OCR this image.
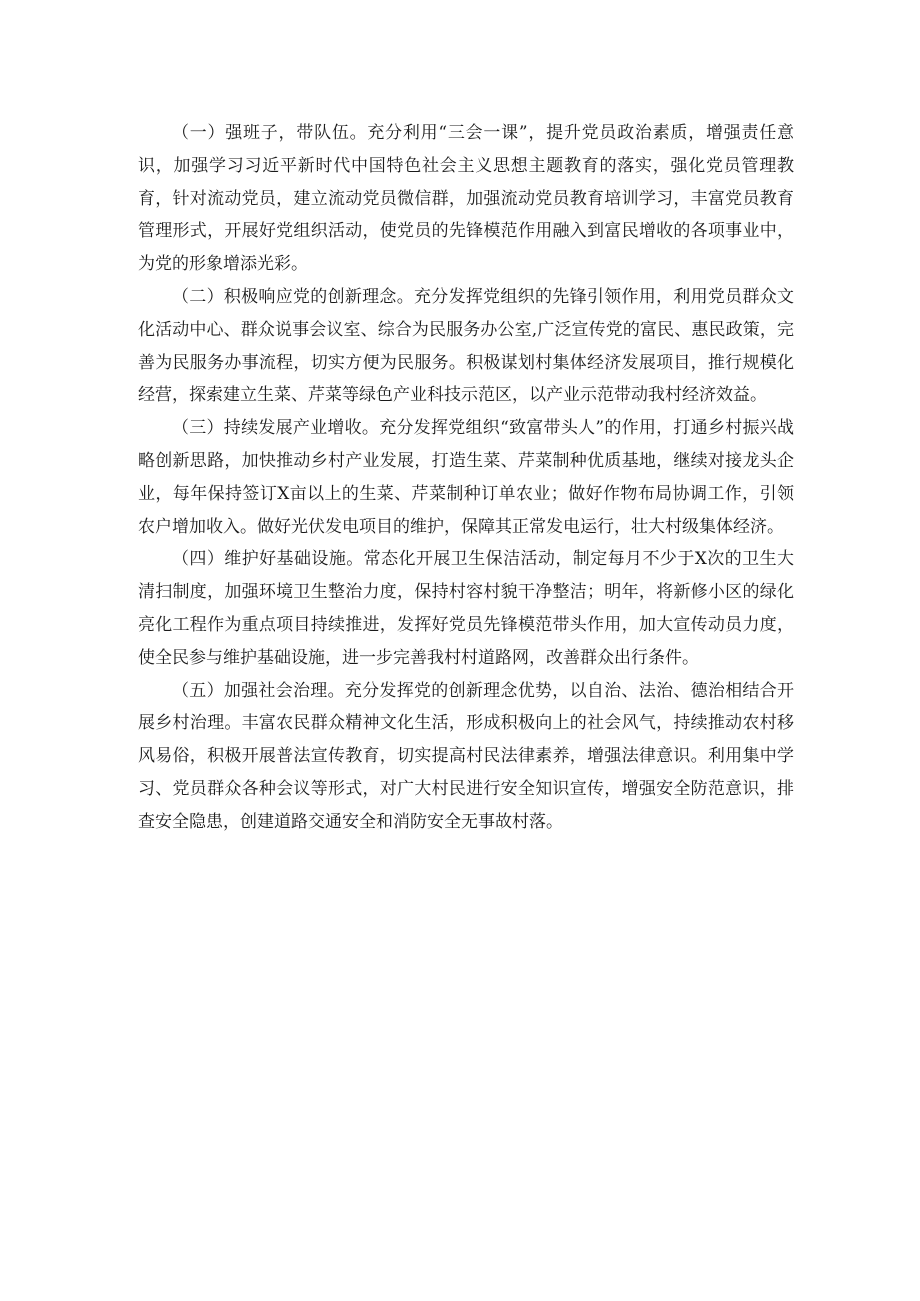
（一）强班子，带队伍。充分利用“三会一课”，提升党员政治素质，增强责任意识，加强学习习近平新时代中国特色社会主义思想主题教育的落实，强化党员管理教育，针对流动党员，建立流动党员微信群，加强流动党员教育培训学习，丰富党员教育管理形式，开展好党组织活动，使党员的先锋模范作用融入到富民增收的各项事业中，为党的形象增添光彩。

（二）积极响应党的创新理念。充分发挥党组织的先锋引领作用，利用党员群众文化活动中心、群众说事会议室、综合为民服务办公室,广泛宣传党的富民、惠民政策，完善为民服务办事流程，切实方便为民服务。积极谋划村集体经济发展项目，推行规模化经营，探索建立生菜、芹菜等绿色产业科技示范区，以产业示范带动我村经济效益。

（三）持续发展产业增收。充分发挥党组织“致富带头人”的作用，打通乡村振兴战略创新思路，加快推动乡村产业发展，打造生菜、芹菜制种优质基地，继续对接龙头企业，每年保持签订X亩以上的生菜、芹菜制种订单农业；做好作物布局协调工作，引领农户增加收入。做好光伏发电项目的维护，保障其正常发电运行，壮大村级集体经济。

（四）维护好基础设施。常态化开展卫生保洁活动，制定每月不少于X次的卫生大清扫制度，加强环境卫生整治力度，保持村容村貌干净整洁；明年，将新修小区的绿化亮化工程作为重点项目持续推进，发挥好党员先锋模范带头作用，加大宣传动员力度，使全民参与维护基础设施，进一步完善我村村道路网，改善群众出行条件。

（五）加强社会治理。充分发挥党的创新理念优势，以自治、法治、德治相结合开展乡村治理。丰富农民群众精神文化生活，形成积极向上的社会风气，持续推动农村移风易俗，积极开展普法宣传教育，切实提高村民法律素养，增强法律意识。利用集中学习、党员群众各种会议等形式，对广大村民进行安全知识宣传，增强安全防范意识，排查安全隐患，创建道路交通安全和消防安全无事故村落。
